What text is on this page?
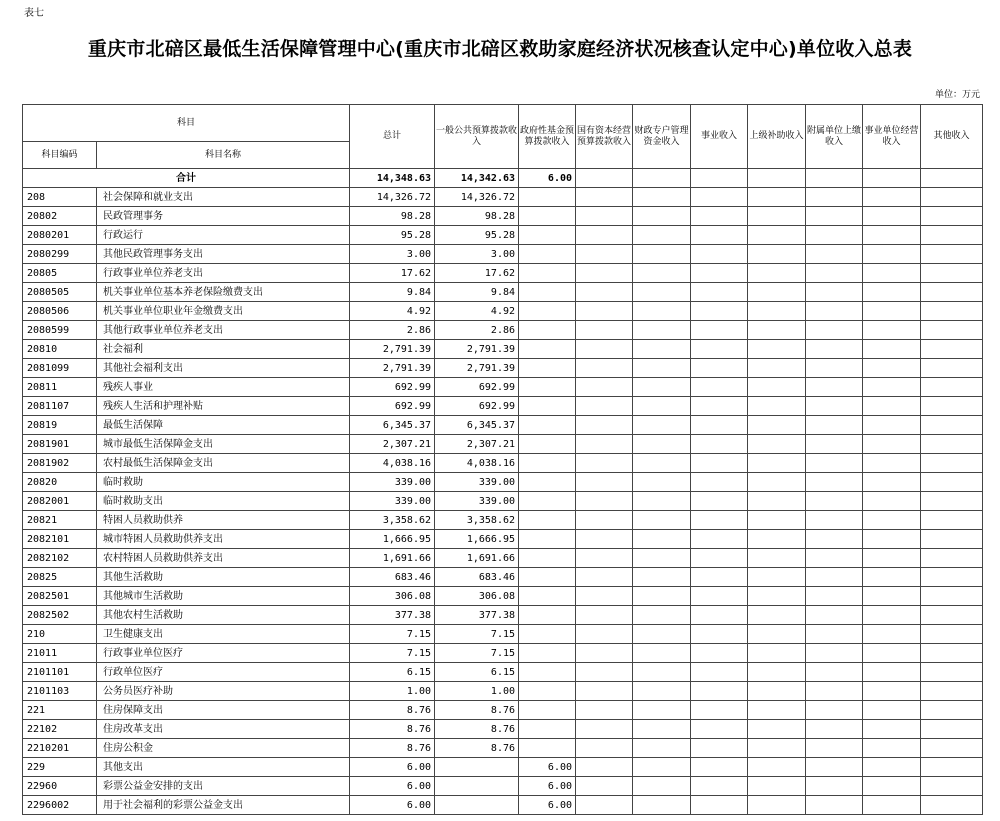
表七
重庆市北碚区最低生活保障管理中心(重庆市北碚区救助家庭经济状况核查认定中心)单位收入总表
单位：万元
科目		总计	一般公共预算拨款收入	政府性基金预算拨款收入	国有资本经营预算拨款收入	财政专户管理资金收入	事业收入	上级补助收入	附属单位上缴收入	事业单位经营收入	其他收入
科目编码	科目名称										
合计		14,348.63	14,342.63	6.00							
208	社会保障和就业支出	14,326.72	14,326.72								
20802	民政管理事务	98.28	98.28								
2080201	行政运行	95.28	95.28								
2080299	其他民政管理事务支出	3.00	3.00								
20805	行政事业单位养老支出	17.62	17.62								
2080505	机关事业单位基本养老保险缴费支出	9.84	9.84								
2080506	机关事业单位职业年金缴费支出	4.92	4.92								
2080599	其他行政事业单位养老支出	2.86	2.86								
20810	社会福利	2,791.39	2,791.39								
2081099	其他社会福利支出	2,791.39	2,791.39								
20811	残疾人事业	692.99	692.99								
2081107	残疾人生活和护理补贴	692.99	692.99								
20819	最低生活保障	6,345.37	6,345.37								
2081901	城市最低生活保障金支出	2,307.21	2,307.21								
2081902	农村最低生活保障金支出	4,038.16	4,038.16								
20820	临时救助	339.00	339.00								
2082001	临时救助支出	339.00	339.00								
20821	特困人员救助供养	3,358.62	3,358.62								
2082101	城市特困人员救助供养支出	1,666.95	1,666.95								
2082102	农村特困人员救助供养支出	1,691.66	1,691.66								
20825	其他生活救助	683.46	683.46								
2082501	其他城市生活救助	306.08	306.08								
2082502	其他农村生活救助	377.38	377.38								
210	卫生健康支出	7.15	7.15								
21011	行政事业单位医疗	7.15	7.15								
2101101	行政单位医疗	6.15	6.15								
2101103	公务员医疗补助	1.00	1.00								
221	住房保障支出	8.76	8.76								
22102	住房改革支出	8.76	8.76								
2210201	住房公积金	8.76	8.76								
229	其他支出	6.00		6.00							
22960	彩票公益金安排的支出	6.00		6.00							
2296002	用于社会福利的彩票公益金支出	6.00		6.00							
